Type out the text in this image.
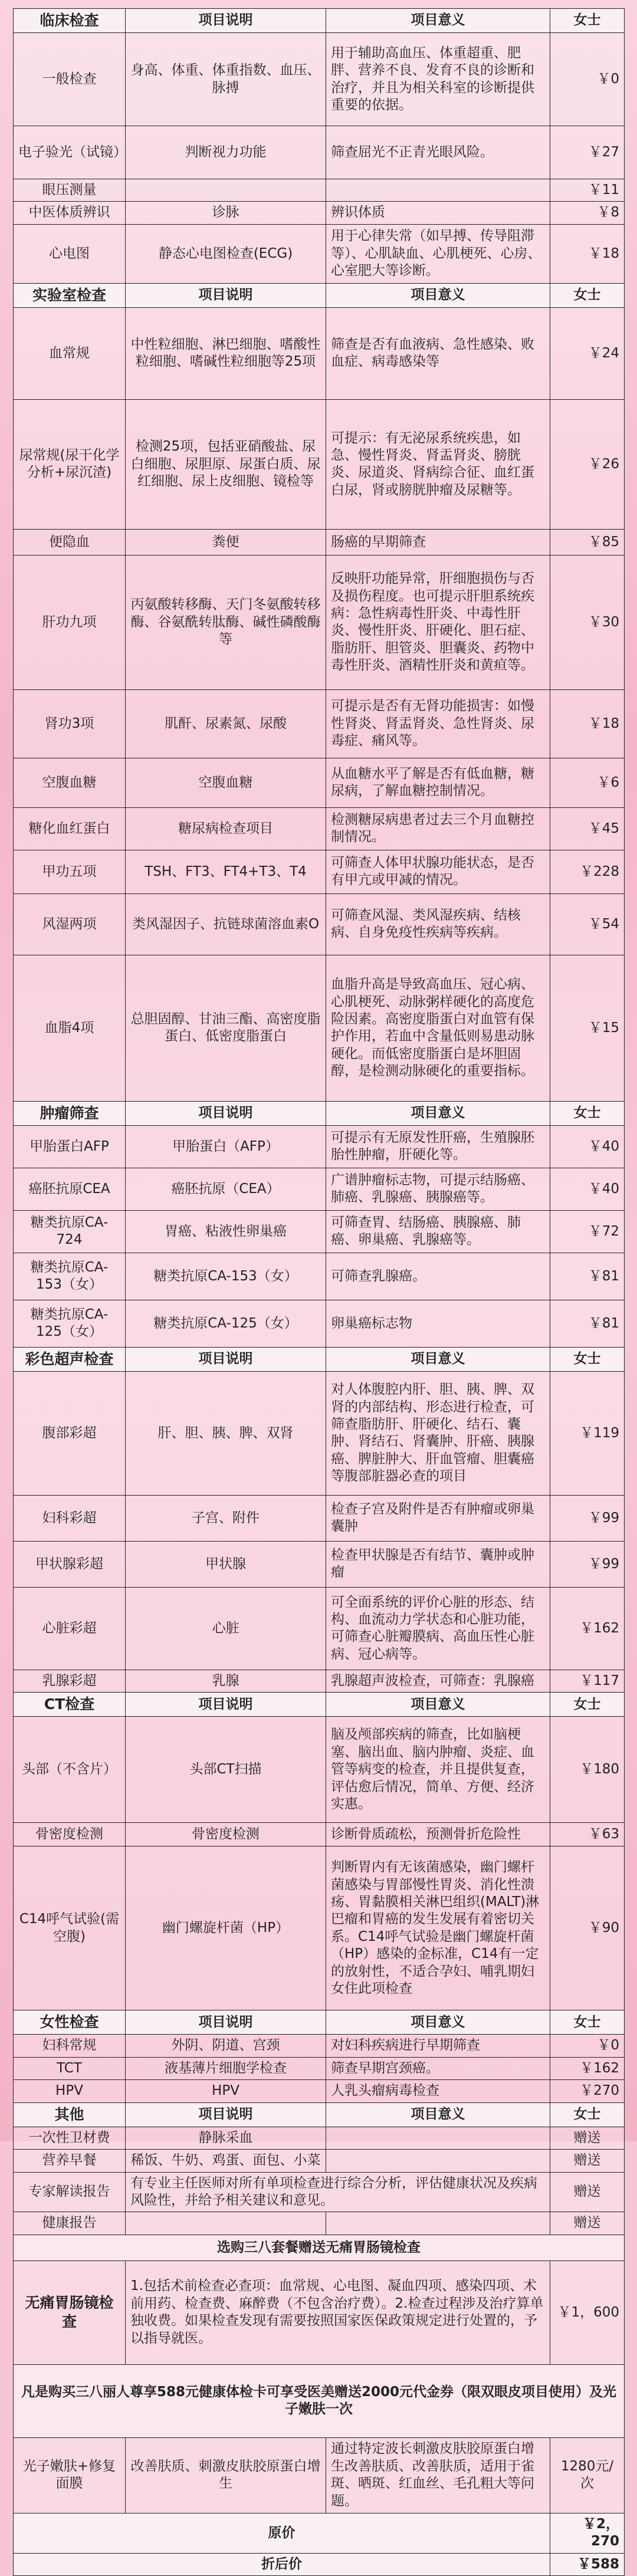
临床检查	项目说明	项目意义	女士
一般检查	身高、体重、体重指数、血压、脉搏	用于辅助高血压、体重超重、肥胖、营养不良、发育不良的诊断和治疗，并且为相关科室的诊断提供重要的依据。	￥0
电子验光（试镜）	判断视力功能	筛查屈光不正青光眼风险。	￥27
眼压测量			￥11
中医体质辨识	诊脉	辨识体质	￥8
心电图	静态心电图检查(ECG)	用于心律失常（如早搏、传导阻滞等）、心肌缺血、心肌梗死、心房、心室肥大等诊断。	￥18
实验室检查	项目说明	项目意义	女士
血常规	中性粒细胞、淋巴细胞、嗜酸性粒细胞、嗜碱性粒细胞等25项	筛查是否有血液病、急性感染、败血症、病毒感染等	￥24
尿常规(尿干化学分析+尿沉渣)	检测25项，包括亚硝酸盐、尿白细胞、尿胆原、尿蛋白质、尿红细胞、尿上皮细胞、镜检等	可提示：有无泌尿系统疾患，如急、慢性肾炎、肾盂肾炎、膀胱炎、尿道炎、肾病综合征、血红蛋白尿，肾或膀胱肿瘤及尿糖等。	￥26
便隐血	粪便	肠癌的早期筛查	￥85
肝功九项	丙氨酸转移酶、天门冬氨酸转移酶、谷氨酰转肽酶、碱性磷酸酶等	反映肝功能异常，肝细胞损伤与否及损伤程度。也可提示肝胆系统疾病：急性病毒性肝炎、中毒性肝炎、慢性肝炎、肝硬化、胆石症、脂肪肝、胆管炎、胆囊炎、药物中毒性肝炎、酒精性肝炎和黄疸等。	￥30
肾功3项	肌酐、尿素氮、尿酸	可提示是否有无肾功能损害：如慢性肾炎、肾盂肾炎、急性肾炎、尿毒症、痛风等。	￥18
空腹血糖	空腹血糖	从血糖水平了解是否有低血糖，糖尿病，了解血糖控制情况。	￥6
糖化血红蛋白	糖尿病检查项目	检测糖尿病患者过去三个月血糖控制情况。	￥45
甲功五项	TSH、FT3、FT4+T3、T4	可筛查人体甲状腺功能状态，是否有甲亢或甲减的情况。	￥228
风湿两项	类风湿因子、抗链球菌溶血素O	可筛查风湿、类风湿疾病、结核病、自身免疫性疾病等疾病。	￥54
血脂4项	总胆固醇、甘油三酯、高密度脂蛋白、低密度脂蛋白	血脂升高是导致高血压、冠心病、心肌梗死、动脉粥样硬化的高度危险因素。高密度脂蛋白对血管有保护作用，若血中含量低则易患动脉硬化。而低密度脂蛋白是坏胆固醇，是检测动脉硬化的重要指标。	￥15
肿瘤筛查	项目说明	项目意义	女士
甲胎蛋白AFP	甲胎蛋白（AFP）	可提示有无原发性肝癌，生殖腺胚胎性肿瘤，肝硬化等。	￥40
癌胚抗原CEA	癌胚抗原（CEA）	广谱肿瘤标志物，可提示结肠癌、肺癌、乳腺癌、胰腺癌等。	￥40
糖类抗原CA-724	胃癌、粘液性卵巢癌	可筛查胃、结肠癌、胰腺癌、肺癌、卵巢癌、乳腺癌等。	￥72
糖类抗原CA-153（女）	糖类抗原CA-153（女）	可筛查乳腺癌。	￥81
糖类抗原CA-125（女）	糖类抗原CA-125（女）	卵巢癌标志物	￥81
彩色超声检查	项目说明	项目意义	女士
腹部彩超	肝、胆、胰、脾、双肾	对人体腹腔内肝、胆、胰、脾、双肾的内部结构、形态进行检查，可筛查脂肪肝、肝硬化、结石、囊肿、肾结石、肾囊肿、肝癌、胰腺癌、脾脏肿大、肝血管瘤、胆囊癌等腹部脏器必查的项目	￥119
妇科彩超	子宫、附件	检查子宫及附件是否有肿瘤或卵巢囊肿	￥99
甲状腺彩超	甲状腺	检查甲状腺是否有结节、囊肿或肿瘤	￥99
心脏彩超	心脏	可全面系统的评价心脏的形态、结构、血流动力学状态和心脏功能，可筛查心脏瓣膜病、高血压性心脏病、冠心病等。	￥162
乳腺彩超	乳腺	乳腺超声波检查，可筛查：乳腺癌	￥117
CT检查	项目说明	项目意义	女士
头部（不含片）	头部CT扫描	脑及颅部疾病的筛查，比如脑梗塞、脑出血、脑内肿瘤、炎症、血管等病变的检查，并且提供复查，评估愈后情况，简单、方便、经济实惠。	￥180
骨密度检测	骨密度检测	诊断骨质疏松，预测骨折危险性	￥63
C14呼气试验(需空腹)	幽门螺旋杆菌（HP）	判断胃内有无该菌感染，幽门螺杆菌感染与胃部慢性胃炎、消化性溃疡、胃黏膜相关淋巴组织(MALT)淋巴瘤和胃癌的发生发展有着密切关系。C14呼气试验是幽门螺旋杆菌（HP）感染的金标准，C14有一定的放射性，不适合孕妇、哺乳期妇女住此项检查	￥90
女性检查	项目说明	项目意义	女士
妇科常规	外阴、阴道、宫颈	对妇科疾病进行早期筛查	￥0
TCT	液基薄片细胞学检查	筛查早期宫颈癌。	￥162
HPV	HPV	人乳头瘤病毒检查	￥270
其他	项目说明	项目意义	女士
一次性卫材费	静脉采血		赠送
营养早餐	稀饭、牛奶、鸡蛋、面包、小菜		赠送
专家解读报告	有专业主任医师对所有单项检查进行综合分析，评估健康状况及疾病风险性，并给予相关建议和意见。		赠送
健康报告			赠送
选购三八套餐赠送无痛胃肠镜检查			
无痛胃肠镜检查	1.包括术前检查必查项：血常规、心电图、凝血四项、感染四项、术前用药、检查费、麻醉费（不包含治疗费）。2.检查过程涉及治疗算单独收费。如果检查发现有需要按照国家医保政策规定进行处置的，予以指导就医。		￥1，600
凡是购买三八丽人尊享588元健康体检卡可享受医美赠送2000元代金券（限双眼皮项目使用）及光子嫩肤一次			
光子嫩肤+修复面膜	改善肤质、刺激皮肤胶原蛋白增生	通过特定波长刺激皮肤胶原蛋白增生改善肤质、改善肤质，适用于雀斑、晒斑、红血丝、毛孔粗大等问题。	1280元/次
原价			￥2，270
折后价			￥588
